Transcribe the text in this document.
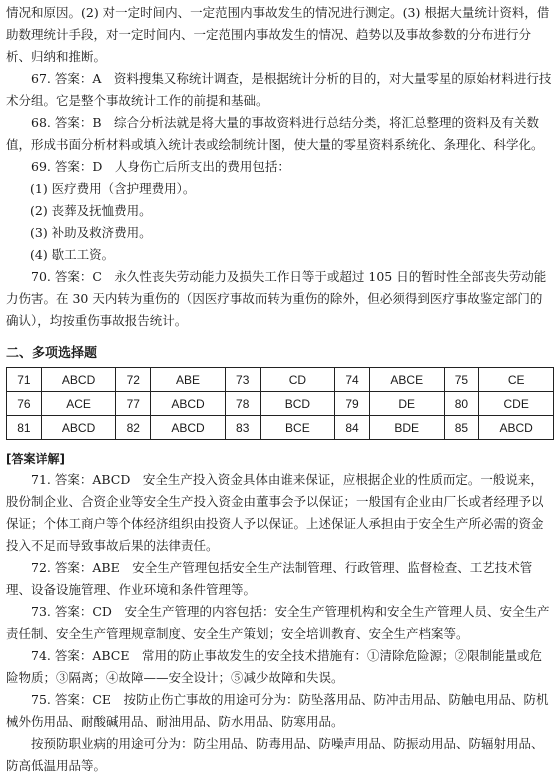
情况和原因。(2) 对一定时间内、一定范围内事故发生的情况进行测定。(3) 根据大量统计资料，借助数理统计手段，对一定时间内、一定范围内事故发生的情况、趋势以及事故参数的分布进行分析、归纳和推断。

67. 答案：A　资料搜集又称统计调查，是根据统计分析的目的，对大量零星的原始材料进行技术分组。它是整个事故统计工作的前提和基础。

68. 答案：B　综合分析法就是将大量的事故资料进行总结分类，将汇总整理的资料及有关数值，形成书面分析材料或填入统计表或绘制统计图，使大量的零星资料系统化、条理化、科学化。

69. 答案：D　人身伤亡后所支出的费用包括：

(1) 医疗费用（含护理费用）。

(2) 丧葬及抚恤费用。

(3) 补助及救济费用。

(4) 歇工工资。

70. 答案：C　永久性丧失劳动能力及损失工作日等于或超过 105 日的暂时性全部丧失劳动能力伤害。在 30 天内转为重伤的（因医疗事故而转为重伤的除外，但必须得到医疗事故鉴定部门的确认），均按重伤事故报告统计。

二、多项选择题
71	ABCD	72	ABE	73	CD	74	ABCE	75	CE
76	ACE	77	ABCD	78	BCD	79	DE	80	CDE
81	ABCD	82	ABCD	83	BCE	84	BDE	85	ABCD
[答案详解]

71. 答案：ABCD　安全生产投入资金具体由谁来保证，应根据企业的性质而定。一般说来，股份制企业、合资企业等安全生产投入资金由董事会予以保证；一般国有企业由厂长或者经理予以保证；个体工商户等个体经济组织由投资人予以保证。上述保证人承担由于安全生产所必需的资金投入不足而导致事故后果的法律责任。

72. 答案：ABE　安全生产管理包括安全生产法制管理、行政管理、监督检查、工艺技术管理、设备设施管理、作业环境和条件管理等。

73. 答案：CD　安全生产管理的内容包括：安全生产管理机构和安全生产管理人员、安全生产责任制、安全生产管理规章制度、安全生产策划；安全培训教育、安全生产档案等。

74. 答案：ABCE　常用的防止事故发生的安全技术措施有：①清除危险源；②限制能量或危险物质；③隔离；④故障——安全设计；⑤减少故障和失误。

75. 答案：CE　按防止伤亡事故的用途可分为：防坠落用品、防冲击用品、防触电用品、防机械外伤用品、耐酸碱用品、耐油用品、防水用品、防寒用品。

按预防职业病的用途可分为：防尘用品、防毒用品、防噪声用品、防振动用品、防辐射用品、防高低温用品等。
